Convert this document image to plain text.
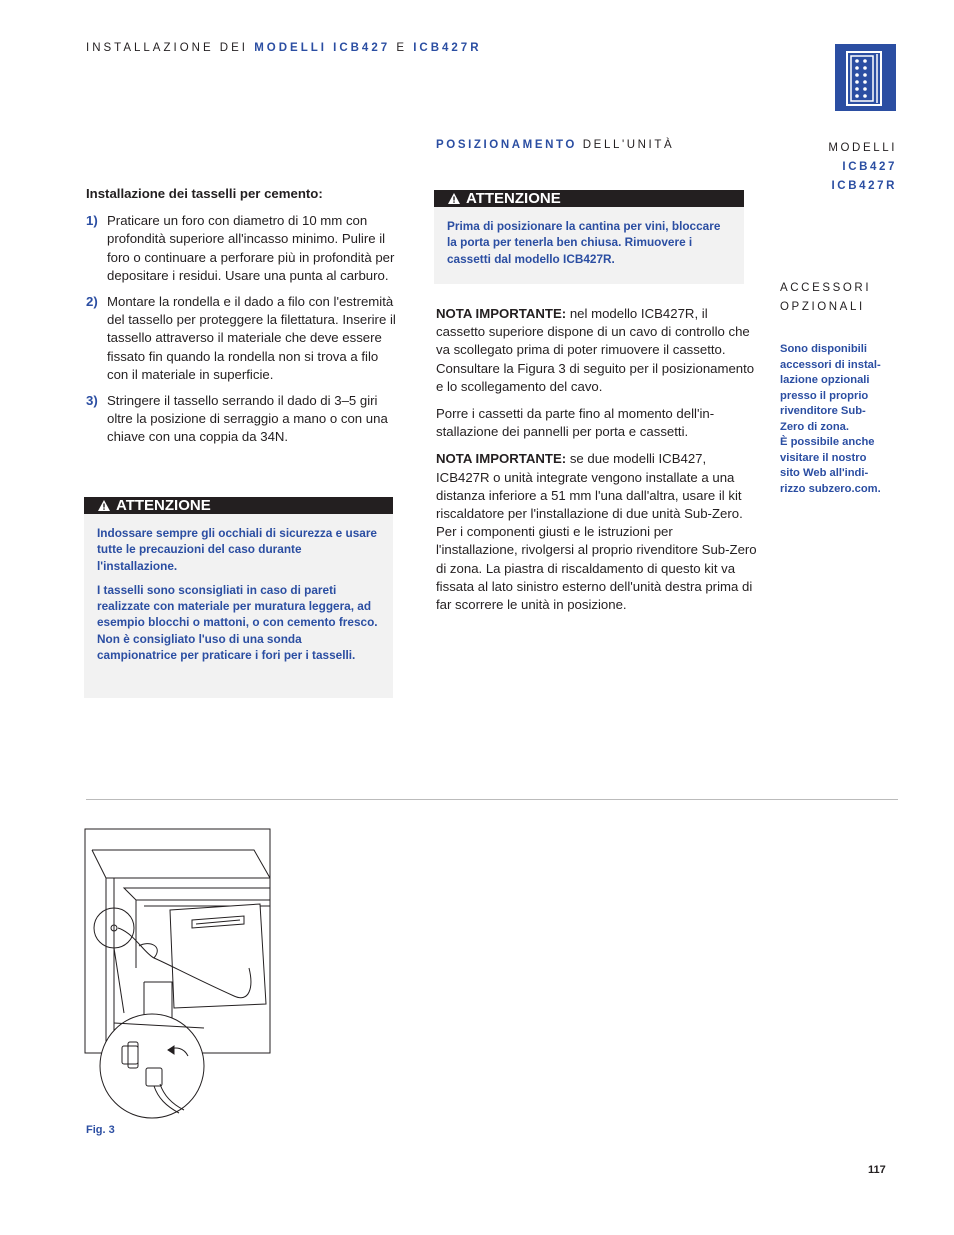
INSTALLAZIONE DEI MODELLI ICB427 E ICB427R
POSIZIONAMENTO DELL'UNITÀ	MODELLI
ICB427
ICB427R
ACCESSORI
OPZIONALI
Sono disponibili
accessori di instal-
lazione opzionali
presso il proprio
rivenditore Sub-
Zero di zona.
È possibile anche
visitare il nostro
sito Web all'indi-
rizzo subzero.com.
Installazione dei tasselli per cemento:
1) Praticare un foro con diametro di 10 mm con profondità superiore all'incasso minimo. Pulire il foro o continuare a perforare più in profondità per depositare i residui. Usare una punta al carburo.
2) Montare la rondella e il dado a filo con l'estremità del tassello per proteggere la filettatura. Inserire il tassello attraverso il materiale che deve essere fissato fin quando la rondella non si trova a filo con il materiale in superficie.
3) Stringere il tassello serrando il dado di 3–5 giri oltre la posizione di serraggio a mano o con una chiave con una coppia da 34N.
ATTENZIONE

Indossare sempre gli occhiali di sicurezza e usare tutte le precauzioni del caso durante l'installazione.

I tasselli sono sconsigliati in caso di pareti realizzate con materiale per muratura leggera, ad esempio blocchi o mattoni, o con cemento fresco. Non è consigliato l'uso di una sonda campionatrice per praticare i fori per i tasselli.

ATTENZIONE

Prima di posizionare la cantina per vini, bloccare la porta per tenerla ben chiusa. Rimuovere i cassetti dal modello ICB427R.

NOTA IMPORTANTE: nel modello ICB427R, il cassetto superiore dispone di un cavo di controllo che va scollegato prima di poter rimuovere il cassetto. Consultare la Figura 3 di seguito per il posizionamento e lo scollegamento del cavo.

Porre i cassetti da parte fino al momento dell'installazione dei pannelli per porta e cassetti.

NOTA IMPORTANTE: se due modelli ICB427, ICB427R o unità integrate vengono installate a una distanza inferiore a 51 mm l'una dall'altra, usare il kit riscaldatore per l'installazione di due unità Sub-Zero. Per i componenti giusti e le istruzioni per l'installazione, rivolgersi al proprio rivenditore Sub-Zero di zona. La piastra di riscaldamento di questo kit va fissata al lato sinistro esterno dell'unità destra prima di far scorrere le unità in posizione.

Fig. 3
117
